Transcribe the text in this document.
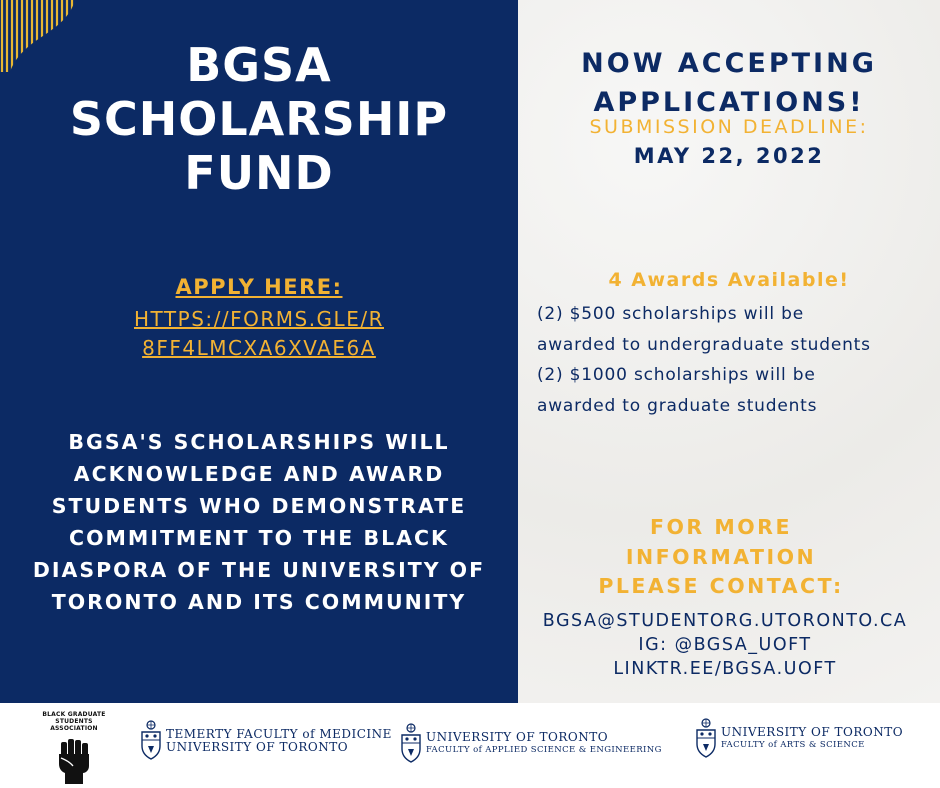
BGSA
SCHOLARSHIP
FUND
APPLY HERE:
HTTPS://FORMS.GLE/R
8FF4LMCXA6XVAE6A
BGSA'S SCHOLARSHIPS WILL
ACKNOWLEDGE AND AWARD
STUDENTS WHO DEMONSTRATE
COMMITMENT TO THE BLACK
DIASPORA OF THE UNIVERSITY OF
TORONTO AND ITS COMMUNITY
NOW ACCEPTING
APPLICATIONS!
SUBMISSION DEADLINE:
MAY 22, 2022
4 Awards Available!
(2) $500 scholarships will be
awarded to undergraduate students
(2) $1000 scholarships will be
awarded to graduate students
FOR MORE
INFORMATION
PLEASE CONTACT:
BGSA@STUDENTORG.UTORONTO.CA
IG: @BGSA_UOFT
LINKTR.EE/BGSA.UOFT
BLACK GRADUATE
STUDENTS ASSOCIATION	TEMERTY FACULTY of MEDICINE
UNIVERSITY OF TORONTO
UNIVERSITY OF TORONTO
FACULTY of APPLIED SCIENCE & ENGINEERING
UNIVERSITY OF TORONTO
FACULTY of ARTS & SCIENCE
